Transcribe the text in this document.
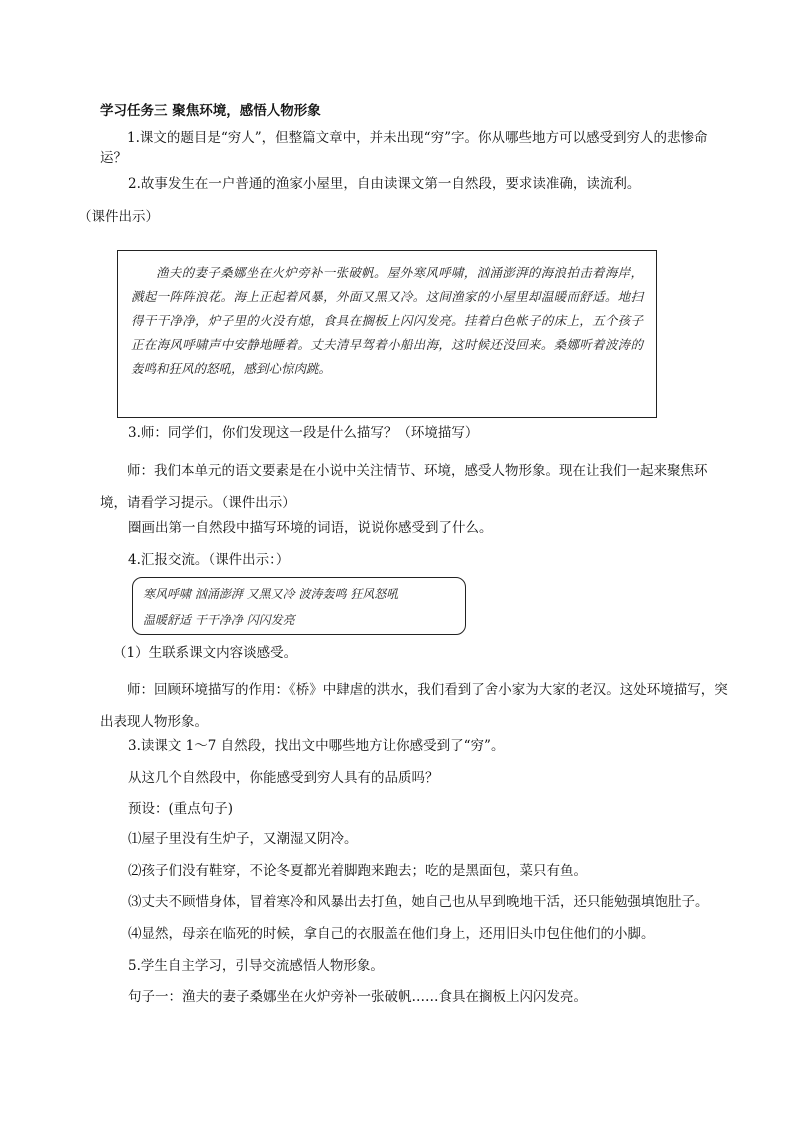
学习任务三 聚焦环境，感悟人物形象
1.课文的题目是“穷人”，但整篇文章中，并未出现“穷”字。你从哪些地方可以感受到穷人的悲惨命运？
2.故事发生在一户普通的渔家小屋里，自由读课文第一自然段，要求读准确，读流利。
（课件出示）
渔夫的妻子桑娜坐在火炉旁补一张破帆。屋外寒风呼啸，汹涌澎湃的海浪拍击着海岸，溅起一阵阵浪花。海上正起着风暴，外面又黑又冷。这间渔家的小屋里却温暖而舒适。地扫得干干净净，炉子里的火没有熄，食具在搁板上闪闪发亮。挂着白色帐子的床上，五个孩子正在海风呼啸声中安静地睡着。丈夫清早驾着小船出海，这时候还没回来。桑娜听着波涛的轰鸣和狂风的怒吼，感到心惊肉跳。
3.师：同学们，你们发现这一段是什么描写？（环境描写）
师：我们本单元的语文要素是在小说中关注情节、环境，感受人物形象。现在让我们一起来聚焦环境，请看学习提示。（课件出示）
圈画出第一自然段中描写环境的词语，说说你感受到了什么。
4.汇报交流。（课件出示：）
寒风呼啸 汹涌澎湃 又黑又冷 波涛轰鸣 狂风怒吼
温暖舒适 干干净净 闪闪发亮
（1）生联系课文内容谈感受。
师：回顾环境描写的作用：《桥》中肆虐的洪水，我们看到了舍小家为大家的老汉。这处环境描写，突出表现人物形象。
3.读课文 1～7 自然段，找出文中哪些地方让你感受到了“穷”。
从这几个自然段中，你能感受到穷人具有的品质吗？
预设：(重点句子)
⑴屋子里没有生炉子，又潮湿又阴冷。
⑵孩子们没有鞋穿，不论冬夏都光着脚跑来跑去；吃的是黑面包，菜只有鱼。
⑶丈夫不顾惜身体，冒着寒冷和风暴出去打鱼，她自己也从早到晚地干活，还只能勉强填饱肚子。
⑷显然，母亲在临死的时候，拿自己的衣服盖在他们身上，还用旧头巾包住他们的小脚。
5.学生自主学习，引导交流感悟人物形象。
句子一：渔夫的妻子桑娜坐在火炉旁补一张破帆……食具在搁板上闪闪发亮。
